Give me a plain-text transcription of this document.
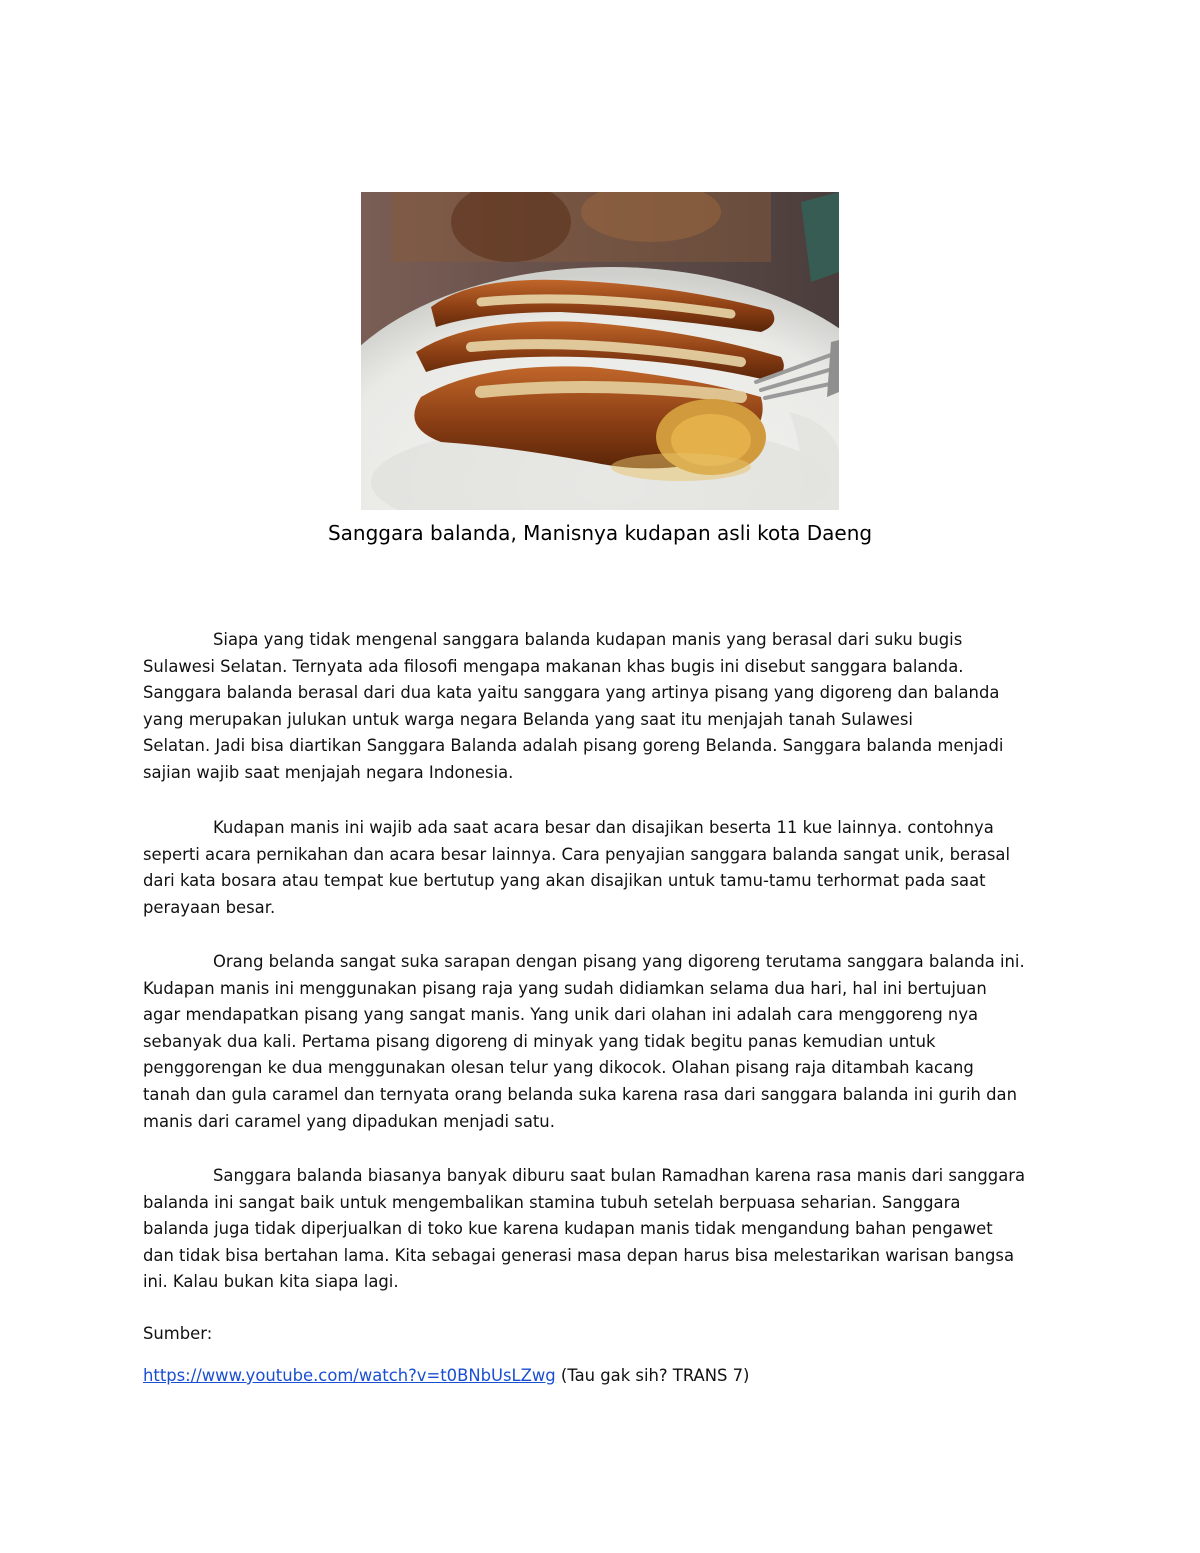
Sanggara balanda, Manisnya kudapan asli kota Daeng

Siapa yang tidak mengenal sanggara balanda kudapan manis yang berasal dari suku bugis
Sulawesi Selatan. Ternyata ada filosofi mengapa makanan khas bugis ini disebut sanggara balanda.
Sanggara balanda berasal dari dua kata yaitu sanggara yang artinya pisang yang digoreng dan balanda
yang merupakan julukan untuk warga negara Belanda yang saat itu menjajah tanah Sulawesi
Selatan. Jadi bisa diartikan Sanggara Balanda adalah pisang goreng Belanda. Sanggara balanda menjadi
sajian wajib saat menjajah negara Indonesia.

Kudapan manis ini wajib ada saat acara besar dan disajikan beserta 11 kue lainnya. contohnya
seperti acara pernikahan dan acara besar lainnya. Cara penyajian sanggara balanda sangat unik, berasal
dari kata bosara atau tempat kue bertutup yang akan disajikan untuk tamu-tamu terhormat pada saat
perayaan besar.

Orang belanda sangat suka sarapan dengan pisang yang digoreng terutama sanggara balanda ini.
Kudapan manis ini menggunakan pisang raja yang sudah didiamkan selama dua hari, hal ini bertujuan
agar mendapatkan pisang yang sangat manis. Yang unik dari olahan ini adalah cara menggoreng nya
sebanyak dua kali. Pertama pisang digoreng di minyak yang tidak begitu panas kemudian untuk
penggorengan ke dua menggunakan olesan telur yang dikocok. Olahan pisang raja ditambah kacang
tanah dan gula caramel dan ternyata orang belanda suka karena rasa dari sanggara balanda ini gurih dan
manis dari caramel yang dipadukan menjadi satu.

Sanggara balanda biasanya banyak diburu saat bulan Ramadhan karena rasa manis dari sanggara
balanda ini sangat baik untuk mengembalikan stamina tubuh setelah berpuasa seharian. Sanggara
balanda juga tidak diperjualkan di toko kue karena kudapan manis tidak mengandung bahan pengawet
dan tidak bisa bertahan lama. Kita sebagai generasi masa depan harus bisa melestarikan warisan bangsa
ini. Kalau bukan kita siapa lagi.

Sumber:
https://www.youtube.com/watch?v=t0BNbUsLZwg (Tau gak sih? TRANS 7)
